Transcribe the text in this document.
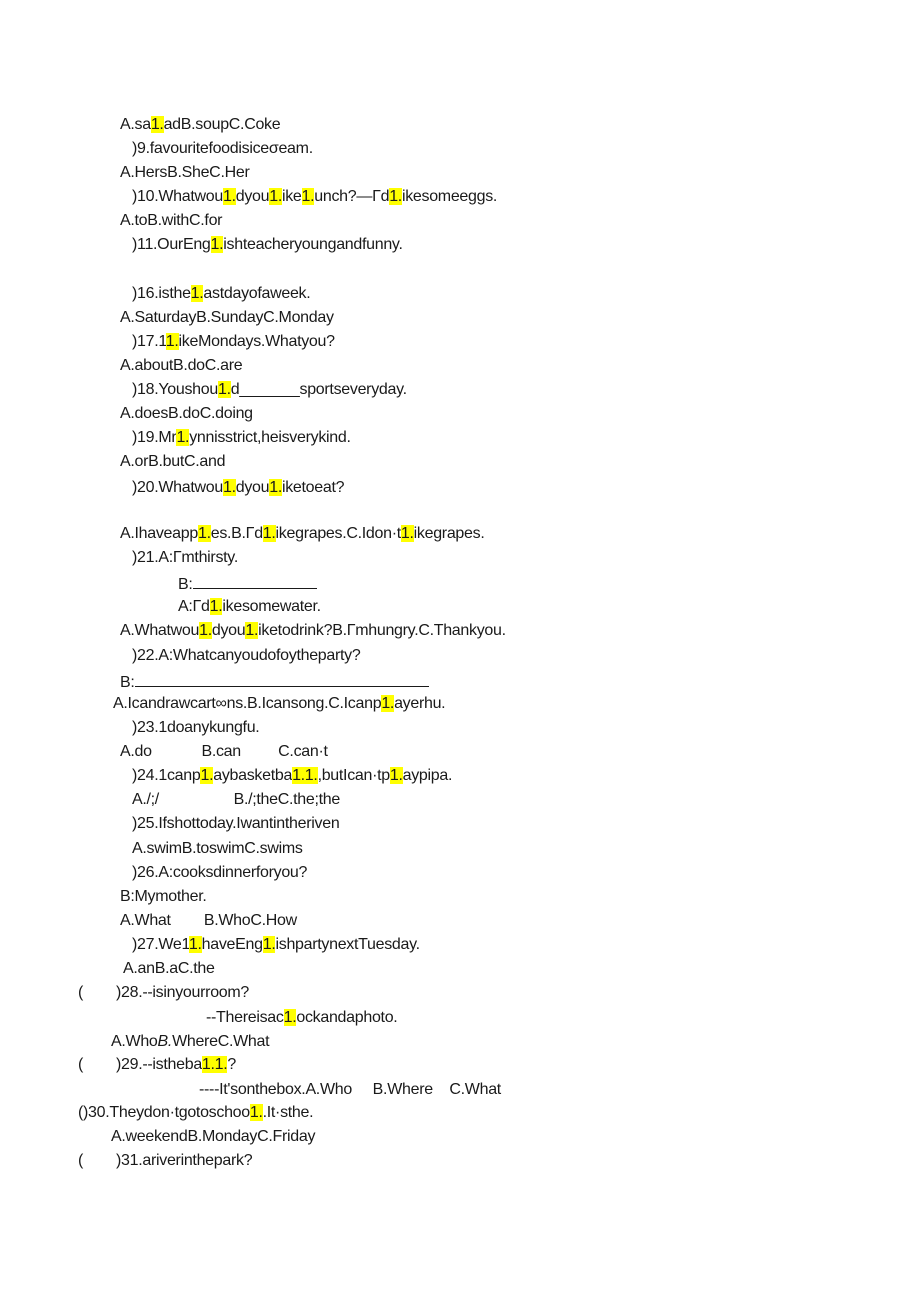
A.sa1.adB.soupC.Coke
)9.favouritefoodisiceσeam.
A.HersB.SheC.Her
)10.Whatwou1.dyou1.ike1.unch?—Γd1.ikesomeeggs.
A.toB.withC.for
)11.OurEng1.ishteacheryoungandfunny.
)16.isthe1.astdayofaweek.
A.SaturdayB.SundayC.Monday
)17.11.ikeMondays.Whatyou?
A.aboutB.doC.are
)18.Youshou1.d_______sportseveryday.
A.doesB.doC.doing
)19.Mr1.ynnisstrict,heisverykind.
A.orB.butC.and
)20.Whatwou1.dyou1.iketoeat?
A.Ihaveapp1.es.B.Γd1.ikegrapes.C.Idon·t1.ikegrapes.
)21.A:Γmthirsty.
B:
A:Γd1.ikesomewater.
A.Whatwou1.dyou1.iketodrink?B.Γmhungry.C.Thankyou.
)22.A:Whatcanyoudofoytheparty?
B:
A.Icandrawcart∞ns.B.Icansong.C.Icanp1.ayerhu.
)23.1doanykungfu.
A.do            B.can         C.can·t
)24.1canp1.aybasketba1.1.,butIcan·tp1.aypipa.
A./;/                  B./;theC.the;the
)25.Ifshottoday.Iwantintheriven
A.swimB.toswimC.swims
)26.A:cooksdinnerforyou?
B:Mymother.
A.What        B.WhoC.How
)27.We11.haveEng1.ishpartynextTuesday.
A.anB.aC.the
( )28.--isinyourroom?
--Thereisac1.ockandaphoto.
A.WhoB.WhereC.What
( )29.--istheba1.1.?
----It'sonthebox.A.Who     B.Where    C.What
()30.Theydon·tgotoschoo1..It·sthe.
A.weekendB.MondayC.Friday
( )31.ariverinthepark?
